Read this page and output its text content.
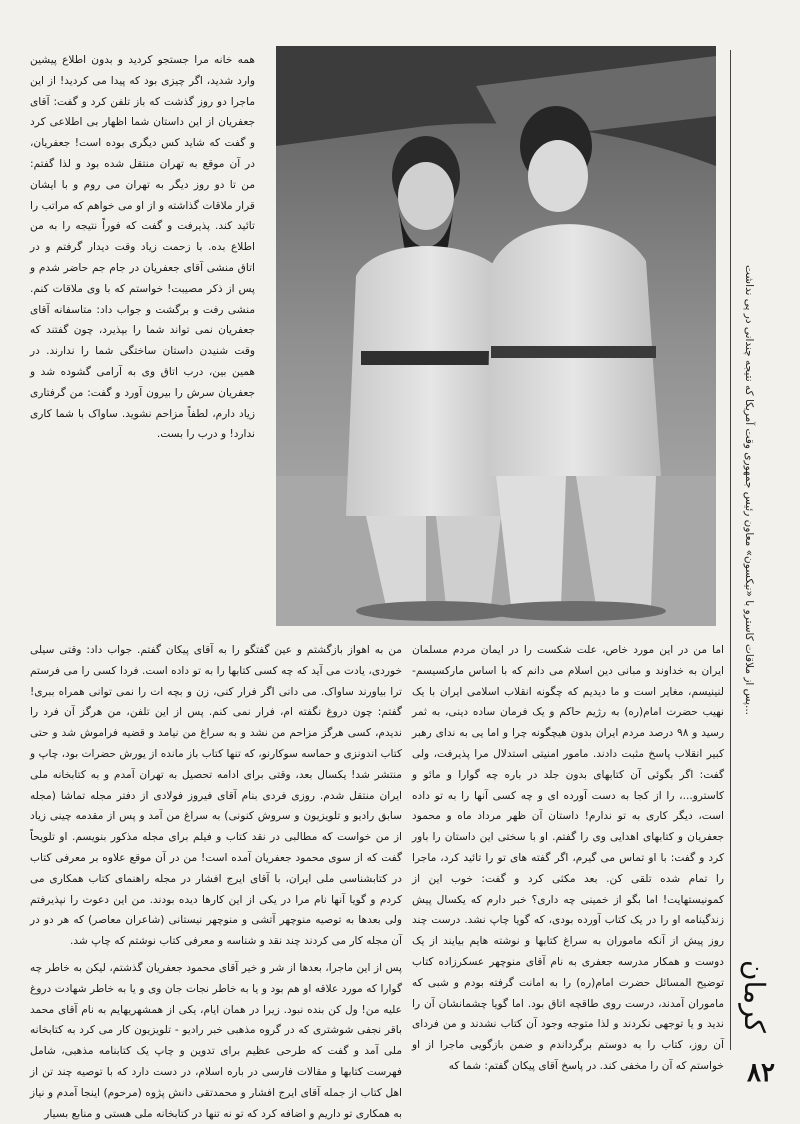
همه خانه مرا جستجو کردید و بدون اطلاع پیشین وارد شدید، اگر چیزی بود که پیدا می کردید! از این ماجرا دو روز گذشت که باز تلفن کرد و گفت: آقای جعفریان از این داستان شما اظهار بی اطلاعی کرد و گفت که شاید کس دیگری بوده است! جعفریان، در آن موقع به تهران منتقل شده بود و لذا گفتم: من تا دو روز دیگر به تهران می روم و با ایشان قرار ملاقات گذاشته و از او می خواهم که مراتب را تائید کند. پذیرفت و گفت که فوراً نتیجه را به من اطلاع بده. با زحمت زیاد وقت دیدار گرفتم و در اتاق منشی آقای جعفریان در جام جم حاضر شدم و پس از ذکر مصیبت! خواستم که با وی ملاقات کنم. منشی رفت و برگشت و جواب داد: متاسفانه آقای جعفریان نمی تواند شما را بپذیرد، چون گفتند که وقت شنیدن داستان ساختگی شما را ندارند. در همین بین، درب اتاق وی به آرامی گشوده شد و جعفریان سرش را بیرون آورد و گفت: من گرفتاری زیاد دارم، لطفاً مزاحم نشوید. ساواک با شما کاری ندارد! و درب را بست.

من به اهواز بازگشتم و عین گفتگو را به آقای پیکان گفتم. جواب داد: وقتی سیلی خوردی، یادت می آید که چه کسی کتابها را به تو داده است. فردا کسی را می فرستم ترا بیاورند ساواک. می دانی اگر فرار کنی، زن و بچه ات را نمی توانی همراه ببری! گفتم: چون دروغ نگفته ام، فرار نمی کنم. پس از این تلفن، من هرگز آن فرد را ندیدم، کسی هرگز مزاحم من نشد و به سراغ من نیامد و قضیه فراموش شد و حتی کتاب اندونزی و حماسه سوکارنو، که تنها کتاب باز مانده از یورش حضرات بود، چاپ و منتشر شد! یکسال بعد، وقتی برای ادامه تحصیل به تهران آمدم و به کتابخانه ملی ایران منتقل شدم. روزی فردی بنام آقای فیروز فولادی از دفتر مجله تماشا (مجله سابق رادیو و تلویزیون و سروش کنونی) به سراغ من آمد و پس از مقدمه چینی زیاد از من خواست که مطالبی در نقد کتاب و فیلم برای مجله مذکور بنویسم. او تلویحاً گفت که از سوی محمود جعفریان آمده است! من در آن موقع علاوه بر معرفی کتاب در کتابشناسی ملی ایران، با آقای ایرج افشار در مجله راهنمای کتاب همکاری می کردم و گویا آنها نام مرا در یکی از این کارها دیده بودند. من این دعوت را نپذیرفتم ولی بعدها به توصیه منوچهر آتشی و منوچهر نیستانی (شاعران معاصر) که هر دو در آن مجله کار می کردند چند نقد و شناسه و معرفی کتاب نوشتم که چاپ شد.

پس از این ماجرا، بعدها از شر و خیر آقای محمود جعفریان گذشتم، لیکن به خاطر چه گوارا که مورد علاقه او هم بود و یا به خاطر نجات جان وی و یا به خاطر شهادت دروغ علیه من! ول کن بنده نبود. زیرا در همان ایام، یکی از همشهریهایم به نام آقای محمد باقر نجفی شوشتری که در گروه مذهبی خبر رادیو - تلویزیون کار می کرد به کتابخانه ملی آمد و گفت که طرحی عظیم برای تدوین و چاپ یک کتابنامه مذهبی، شامل فهرست کتابها و مقالات فارسی در باره اسلام، در دست دارد که با توصیه چند تن از اهل کتاب از جمله آقای ایرج افشار و محمدتقی دانش پژوه (مرحوم) اینجا آمدم و نیاز به همکاری تو داریم و اضافه کرد که تو نه تنها در کتابخانه ملی هستی و منابع بسیار

اما من در این مورد خاص، علت شکست را در ایمان مردم مسلمان ایران به خداوند و مبانی دین اسلام می دانم که با اساس مارکسیسم- لنینیسم، مغایر است و ما دیدیم که چگونه انقلاب اسلامی ایران با یک نهیب حضرت امام(ره) به رژیم حاکم و یک فرمان ساده دینی، به ثمر رسید و ۹۸ درصد مردم ایران بدون هیچگونه چرا و اما یی به ندای رهبر کبیر انقلاب پاسخ مثبت دادند. مامور امنیتی استدلال مرا پذیرفت، ولی گفت: اگر بگوئی آن کتابهای بدون جلد در باره چه گوارا و مائو و کاسترو...، را از کجا به دست آورده ای و چه کسی آنها را به تو داده است، دیگر کاری به تو ندارم! داستان آن ظهر مرداد ماه و محمود جعفریان و کتابهای اهدایی وی را گفتم. او با سختی این داستان را باور کرد و گفت: با او تماس می گیرم، اگر گفته های تو را تائید کرد، ماجرا را تمام شده تلقی کن. بعد مکثی کرد و گفت: خوب این از کمونیستهایت! اما بگو از خمینی چه داری؟ خبر دارم که یکسال پیش زندگینامه او را در یک کتاب آورده بودی، که گویا چاپ نشد. درست چند روز پیش از آنکه ماموران به سراغ کتابها و نوشته هایم بیایند از یک دوست و همکار مدرسه جعفری به نام آقای منوچهر عسکرزاده کتاب توضیح المسائل حضرت امام(ره) را به امانت گرفته بودم و شبی که ماموران آمدند، درست روی طاقچه اتاق بود. اما گویا چشمانشان آن را ندید و یا توجهی نکردند و لذا متوجه وجود آن کتاب نشدند و من فردای آن روز، کتاب را به دوستم برگرداندم و ضمن بازگویی ماجرا از او خواستم که آن را مخفی کند. در پاسخ آقای پیکان گفتم: شما که

...پس از ملاقات کاسترو با «نیکسون» معاون رئیس جمهوری وقت آمریکا که نتیجه چندانی در پی نداشت
كرمان
۸۲
